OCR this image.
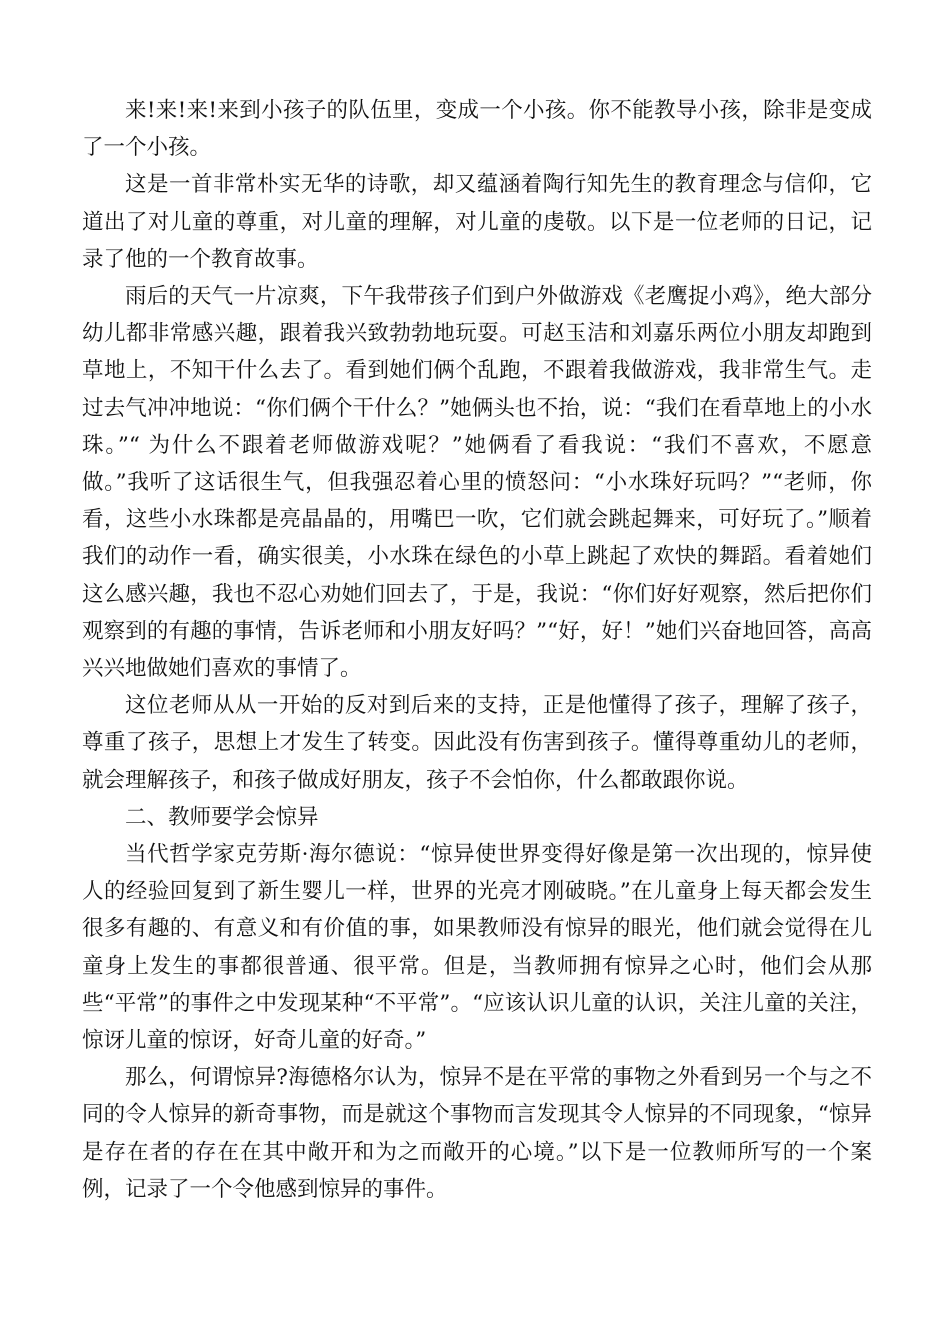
来!来!来!来到小孩子的队伍里，变成一个小孩。你不能教导小孩，除非是变成了一个小孩。

这是一首非常朴实无华的诗歌，却又蕴涵着陶行知先生的教育理念与信仰，它道出了对儿童的尊重，对儿童的理解，对儿童的虔敬。以下是一位老师的日记，记录了他的一个教育故事。

雨后的天气一片凉爽，下午我带孩子们到户外做游戏《老鹰捉小鸡》，绝大部分幼儿都非常感兴趣，跟着我兴致勃勃地玩耍。可赵玉洁和刘嘉乐两位小朋友却跑到草地上，不知干什么去了。看到她们俩个乱跑，不跟着我做游戏，我非常生气。走过去气冲冲地说：“你们俩个干什么？”她俩头也不抬，说：“我们在看草地上的小水珠。”“ 为什么不跟着老师做游戏呢？”她俩看了看我说：“我们不喜欢，不愿意做。”我听了这话很生气，但我强忍着心里的愤怒问：“小水珠好玩吗？”“老师，你看，这些小水珠都是亮晶晶的，用嘴巴一吹，它们就会跳起舞来，可好玩了。”顺着我们的动作一看，确实很美，小水珠在绿色的小草上跳起了欢快的舞蹈。看着她们这么感兴趣，我也不忍心劝她们回去了，于是，我说：“你们好好观察，然后把你们观察到的有趣的事情，告诉老师和小朋友好吗？”“好，好！”她们兴奋地回答，高高兴兴地做她们喜欢的事情了。

这位老师从从一开始的反对到后来的支持，正是他懂得了孩子，理解了孩子，尊重了孩子，思想上才发生了转变。因此没有伤害到孩子。懂得尊重幼儿的老师，就会理解孩子，和孩子做成好朋友，孩子不会怕你，什么都敢跟你说。

二、教师要学会惊异

当代哲学家克劳斯·海尔德说：“惊异使世界变得好像是第一次出现的，惊异使人的经验回复到了新生婴儿一样，世界的光亮才刚破晓。”在儿童身上每天都会发生很多有趣的、有意义和有价值的事，如果教师没有惊异的眼光，他们就会觉得在儿童身上发生的事都很普通、很平常。但是，当教师拥有惊异之心时，他们会从那些“平常”的事件之中发现某种“不平常”。“应该认识儿童的认识，关注儿童的关注，惊讶儿童的惊讶，好奇儿童的好奇。”

那么，何谓惊异?海德格尔认为，惊异不是在平常的事物之外看到另一个与之不同的令人惊异的新奇事物，而是就这个事物而言发现其令人惊异的不同现象，“惊异是存在者的存在在其中敞开和为之而敞开的心境。”以下是一位教师所写的一个案例，记录了一个令他感到惊异的事件。
